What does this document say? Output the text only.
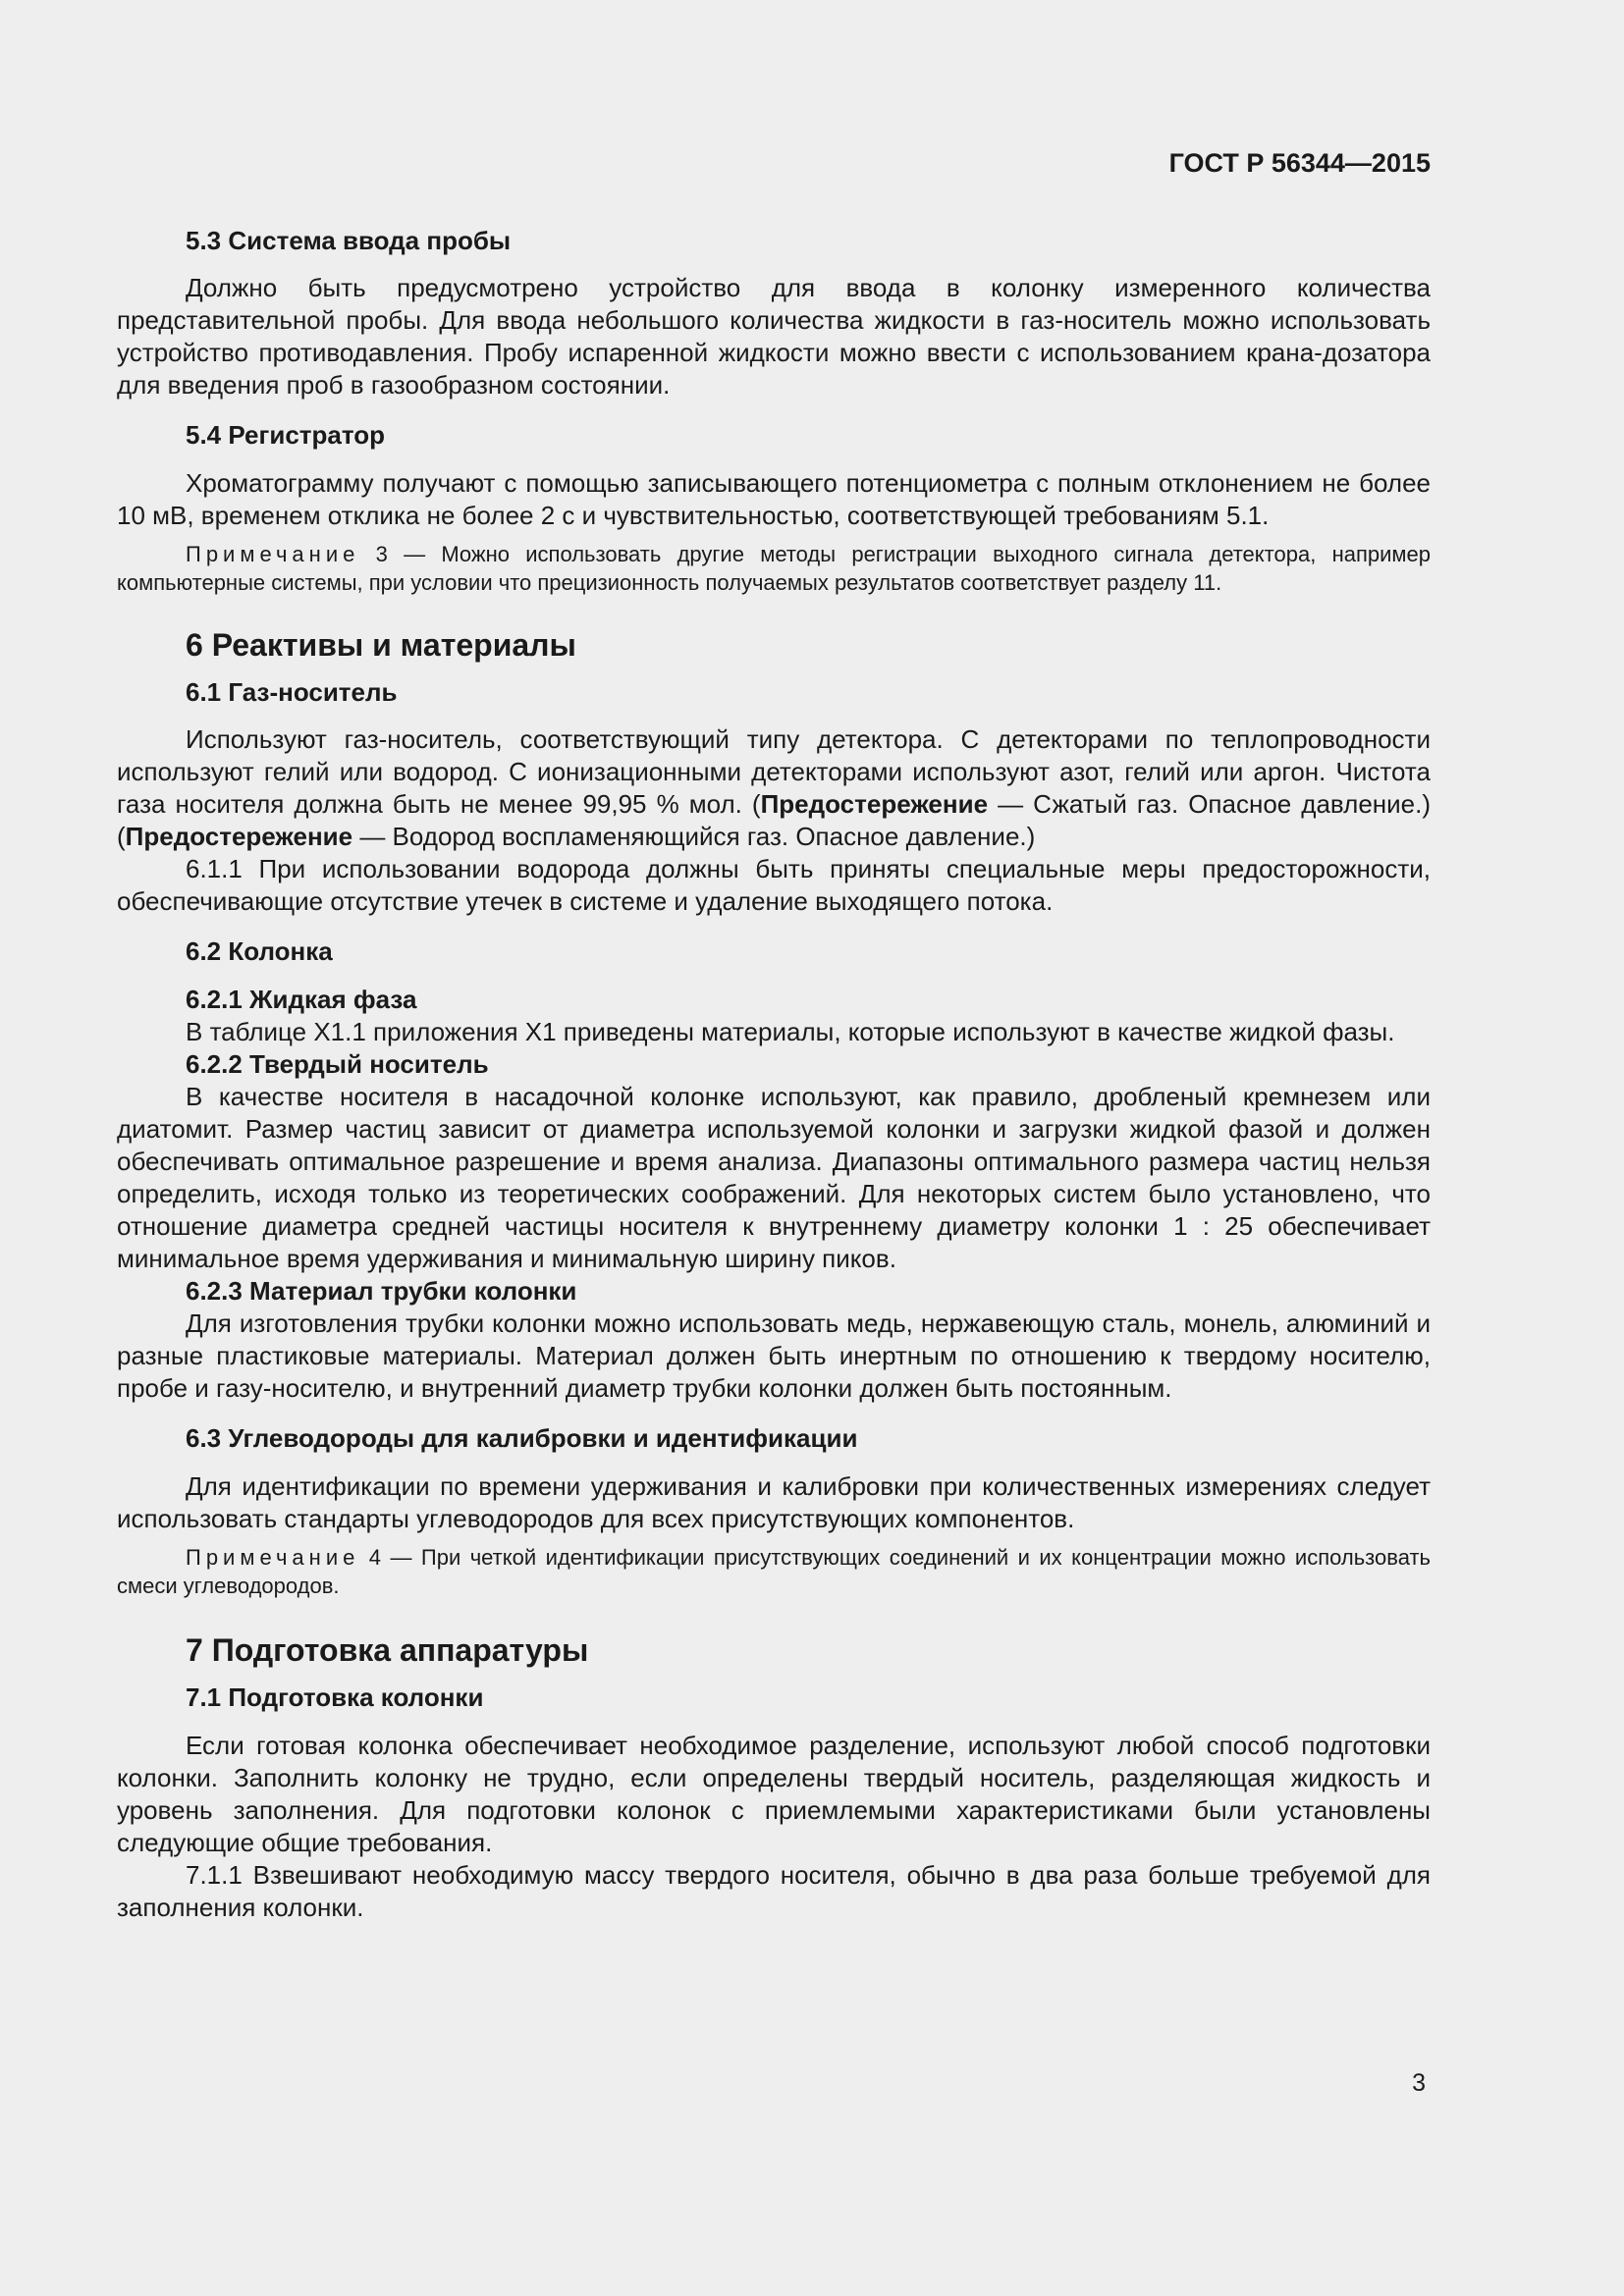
ГОСТ Р 56344—2015
5.3 Система ввода пробы

Должно быть предусмотрено устройство для ввода в колонку измеренного количества представительной пробы. Для ввода небольшого количества жидкости в газ-носитель можно использовать устройство противодавления. Пробу испаренной жидкости можно ввести с использованием крана-дозатора для введения проб в газообразном состоянии.

5.4 Регистратор

Хроматограмму получают с помощью записывающего потенциометра с полным отклонением не более 10 мВ, временем отклика не более 2 с и чувствительностью, соответствующей требованиям 5.1.

Примечание 3 — Можно использовать другие методы регистрации выходного сигнала детектора, например компьютерные системы, при условии что прецизионность получаемых результатов соответствует разделу 11.

6 Реактивы и материалы
6.1 Газ-носитель

Используют газ-носитель, соответствующий типу детектора. С детекторами по теплопроводности используют гелий или водород. С ионизационными детекторами используют азот, гелий или аргон. Чистота газа носителя должна быть не менее 99,95 % мол. (Предостережение — Сжатый газ. Опасное давление.) (Предостережение — Водород воспламеняющийся газ. Опасное давление.)

6.1.1 При использовании водорода должны быть приняты специальные меры предосторожности, обеспечивающие отсутствие утечек в системе и удаление выходящего потока.

6.2 Колонка
6.2.1 Жидкая фаза

В таблице X1.1 приложения X1 приведены материалы, которые используют в качестве жидкой фазы.

6.2.2 Твердый носитель

В качестве носителя в насадочной колонке используют, как правило, дробленый кремнезем или диатомит. Размер частиц зависит от диаметра используемой колонки и загрузки жидкой фазой и должен обеспечивать оптимальное разрешение и время анализа. Диапазоны оптимального размера частиц нельзя определить, исходя только из теоретических соображений. Для некоторых систем было установлено, что отношение диаметра средней частицы носителя к внутреннему диаметру колонки 1 : 25 обеспечивает минимальное время удерживания и минимальную ширину пиков.

6.2.3 Материал трубки колонки

Для изготовления трубки колонки можно использовать медь, нержавеющую сталь, монель, алюминий и разные пластиковые материалы. Материал должен быть инертным по отношению к твердому носителю, пробе и газу-носителю, и внутренний диаметр трубки колонки должен быть постоянным.

6.3 Углеводороды для калибровки и идентификации

Для идентификации по времени удерживания и калибровки при количественных измерениях следует использовать стандарты углеводородов для всех присутствующих компонентов.

Примечание 4 — При четкой идентификации присутствующих соединений и их концентрации можно использовать смеси углеводородов.

7 Подготовка аппаратуры
7.1 Подготовка колонки

Если готовая колонка обеспечивает необходимое разделение, используют любой способ подготовки колонки. Заполнить колонку не трудно, если определены твердый носитель, разделяющая жидкость и уровень заполнения. Для подготовки колонок с приемлемыми характеристиками были установлены следующие общие требования.

7.1.1 Взвешивают необходимую массу твердого носителя, обычно в два раза больше требуемой для заполнения колонки.

3
